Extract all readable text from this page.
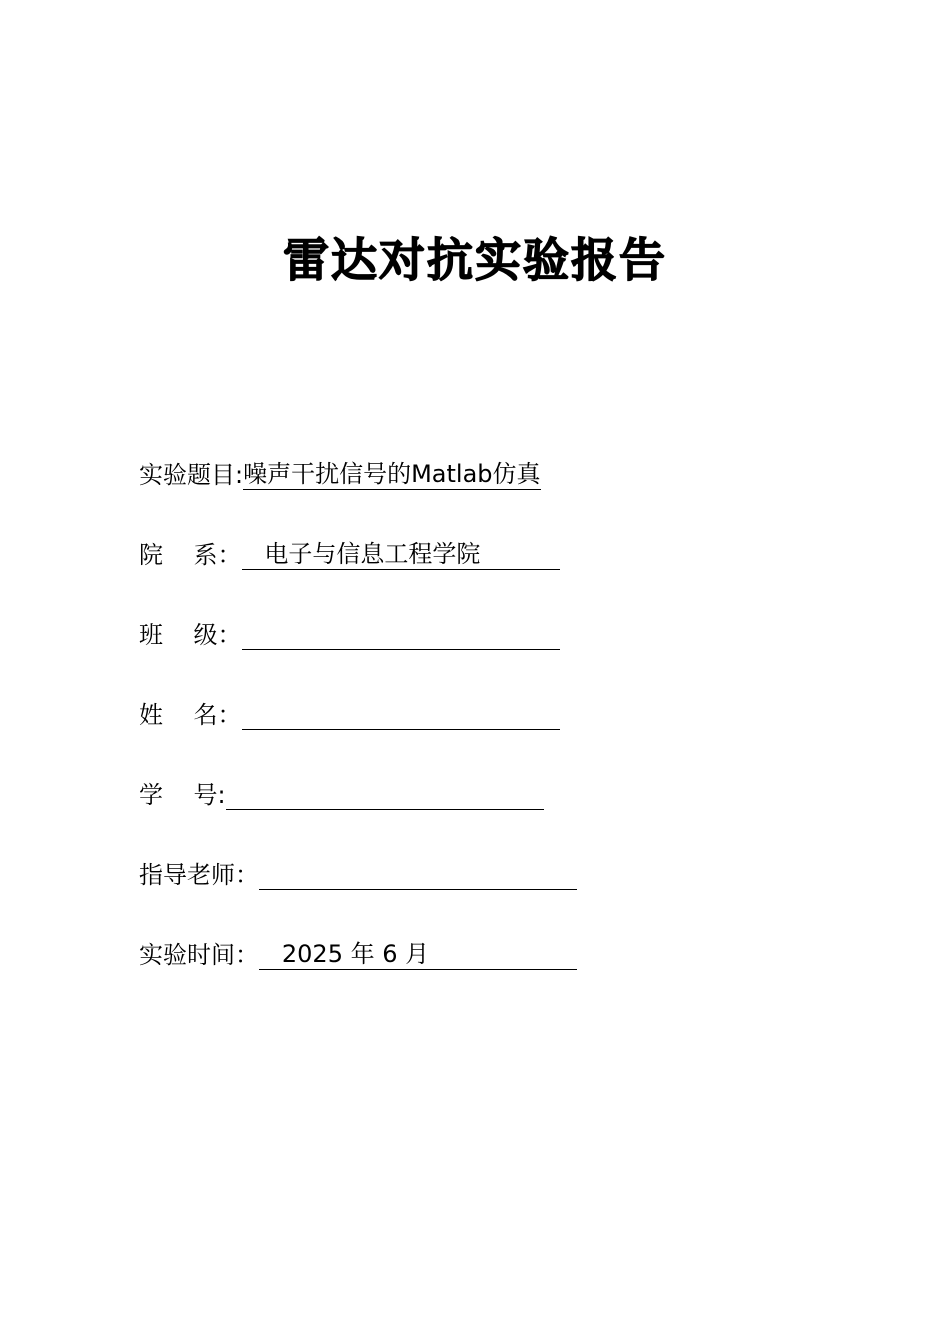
雷达对抗实验报告
实验题目: 噪声干扰信号的Matlab仿真
院    系： 电子与信息工程学院
班    级：
姓    名：
学    号:
指导老师：
实验时间： 2025 年 6 月
